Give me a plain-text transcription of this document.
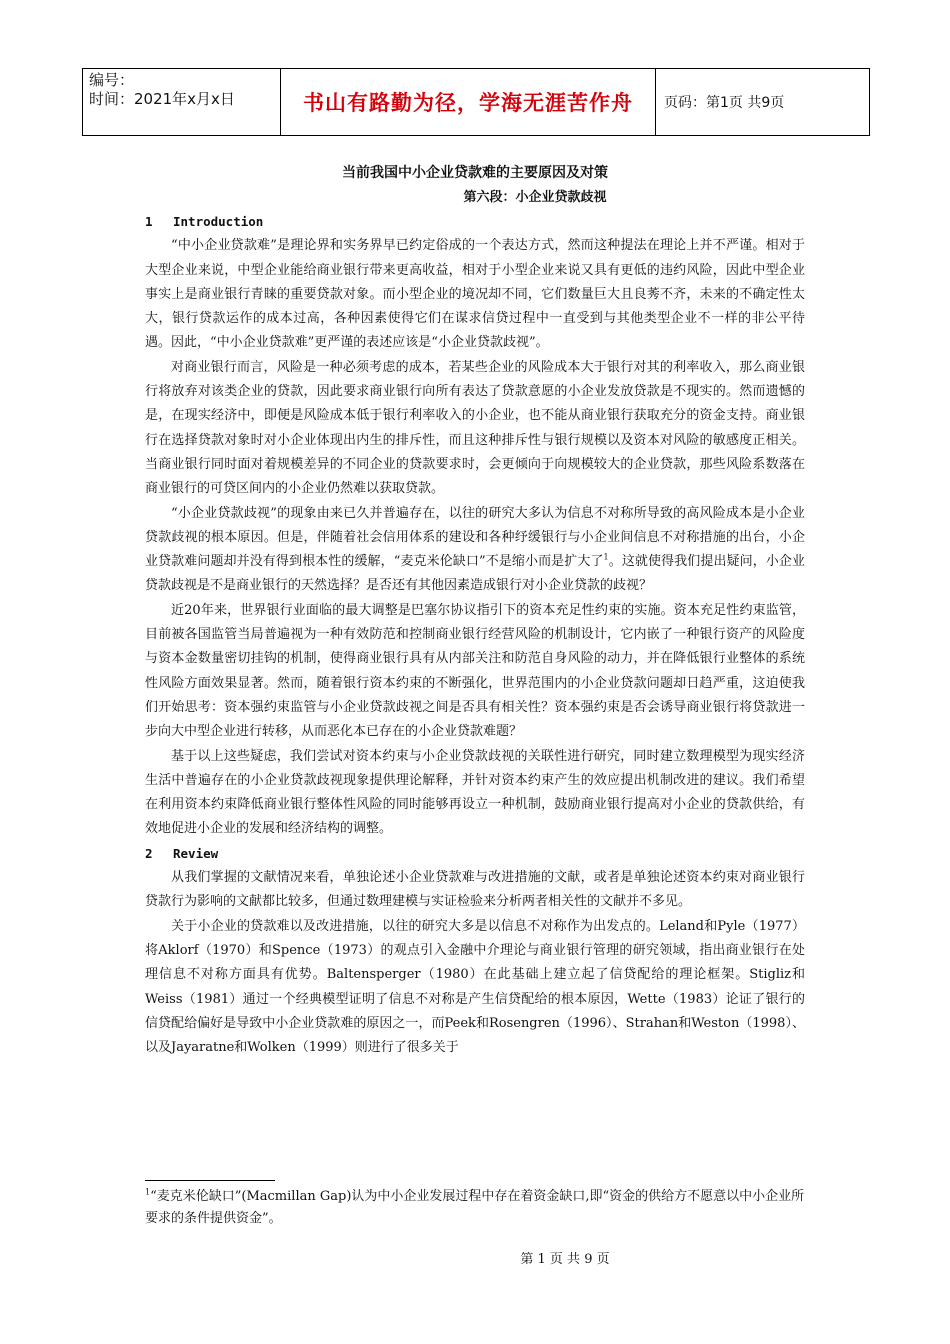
编号：
时间：2021年x月x日	书山有路勤为径，学海无涯苦作舟	页码：第1页 共9页
当前我国中小企业贷款难的主要原因及对策
第六段：小企业贷款歧视

1 Introduction

“中小企业贷款难”是理论界和实务界早已约定俗成的一个表达方式，然而这种提法在理论上并不严谨。相对于大型企业来说，中型企业能给商业银行带来更高收益，相对于小型企业来说又具有更低的违约风险，因此中型企业事实上是商业银行青睐的重要贷款对象。而小型企业的境况却不同，它们数量巨大且良莠不齐，未来的不确定性太大，银行贷款运作的成本过高，各种因素使得它们在谋求信贷过程中一直受到与其他类型企业不一样的非公平待遇。因此，“中小企业贷款难”更严谨的表述应该是“小企业贷款歧视”。

对商业银行而言，风险是一种必须考虑的成本，若某些企业的风险成本大于银行对其的利率收入，那么商业银行将放弃对该类企业的贷款，因此要求商业银行向所有表达了贷款意愿的小企业发放贷款是不现实的。然而遗憾的是，在现实经济中，即便是风险成本低于银行利率收入的小企业，也不能从商业银行获取充分的资金支持。商业银行在选择贷款对象时对小企业体现出内生的排斥性，而且这种排斥性与银行规模以及资本对风险的敏感度正相关。当商业银行同时面对着规模差异的不同企业的贷款要求时，会更倾向于向规模较大的企业贷款，那些风险系数落在商业银行的可贷区间内的小企业仍然难以获取贷款。

“小企业贷款歧视”的现象由来已久并普遍存在，以往的研究大多认为信息不对称所导致的高风险成本是小企业贷款歧视的根本原因。但是，伴随着社会信用体系的建设和各种纾缓银行与小企业间信息不对称措施的出台，小企业贷款难问题却并没有得到根本性的缓解，“麦克米伦缺口”不是缩小而是扩大了$^1$。这就使得我们提出疑问，小企业贷款歧视是不是商业银行的天然选择？是否还有其他因素造成银行对小企业贷款的歧视？

近20年来，世界银行业面临的最大调整是巴塞尔协议指引下的资本充足性约束的实施。资本充足性约束监管，目前被各国监管当局普遍视为一种有效防范和控制商业银行经营风险的机制设计，它内嵌了一种银行资产的风险度与资本金数量密切挂钩的机制，使得商业银行具有从内部关注和防范自身风险的动力，并在降低银行业整体的系统性风险方面效果显著。然而，随着银行资本约束的不断强化，世界范围内的小企业贷款问题却日趋严重，这迫使我们开始思考：资本强约束监管与小企业贷款歧视之间是否具有相关性？资本强约束是否会诱导商业银行将贷款进一步向大中型企业进行转移，从而恶化本已存在的小企业贷款难题？

基于以上这些疑虑，我们尝试对资本约束与小企业贷款歧视的关联性进行研究，同时建立数理模型为现实经济生活中普遍存在的小企业贷款歧视现象提供理论解释，并针对资本约束产生的效应提出机制改进的建议。我们希望在利用资本约束降低商业银行整体性风险的同时能够再设立一种机制，鼓励商业银行提高对小企业的贷款供给，有效地促进小企业的发展和经济结构的调整。

2 Review

从我们掌握的文献情况来看，单独论述小企业贷款难与改进措施的文献，或者是单独论述资本约束对商业银行贷款行为影响的文献都比较多，但通过数理建模与实证检验来分析两者相关性的文献并不多见。

关于小企业的贷款难以及改进措施，以往的研究大多是以信息不对称作为出发点的。Leland和Pyle（1977）将Aklorf（1970）和Spence（1973）的观点引入金融中介理论与商业银行管理的研究领域，指出商业银行在处理信息不对称方面具有优势。Baltensperger（1980）在此基础上建立起了信贷配给的理论框架。Stigliz和Weiss（1981）通过一个经典模型证明了信息不对称是产生信贷配给的根本原因，Wette（1983）论证了银行的信贷配给偏好是导致中小企业贷款难的原因之一，而Peek和Rosengren（1996）、Strahan和Weston（1998）、以及Jayaratne和Wolken（1999）则进行了很多关于

$^1$“麦克米伦缺口”(Macmillan Gap)认为中小企业发展过程中存在着资金缺口,即“资金的供给方不愿意以中小企业所要求的条件提供资金”。
第 1 页 共 9 页
